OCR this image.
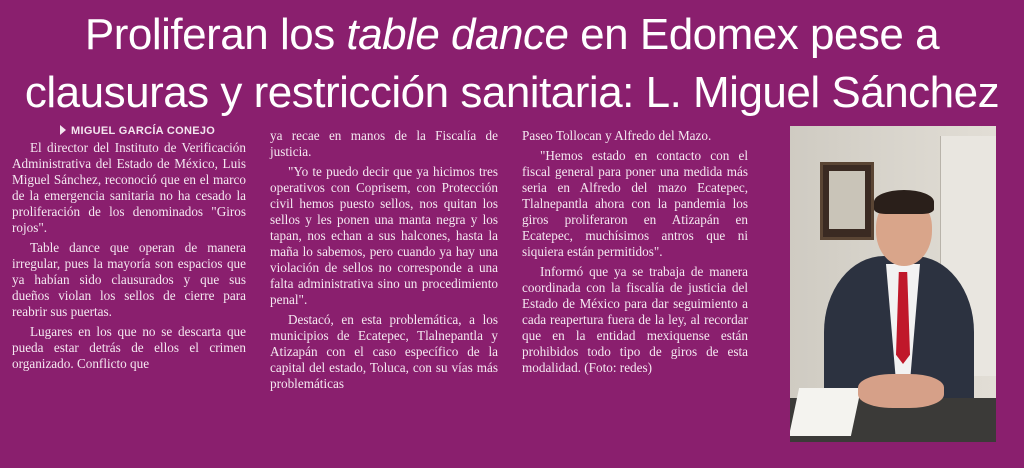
Proliferan los table dance en Edomex pese a
clausuras y restricción sanitaria: L. Miguel Sánchez
MIGUEL GARCÍA CONEJO

El director del Instituto de Verificación Administrativa del Estado de México, Luis Miguel Sánchez, reconoció que en el marco de la emergencia sanitaria no ha cesado la proliferación de los denominados "Giros rojos".

Table dance que operan de manera irregular, pues la mayoría son espacios que ya habían sido clausurados y que sus dueños violan los sellos de cierre para reabrir sus puertas.

Lugares en los que no se descarta que pueda estar detrás de ellos el crimen organizado. Conflicto que

ya recae en manos de la Fiscalía de justicia.

"Yo te puedo decir que ya hicimos tres operativos con Coprisem, con Protección civil hemos puesto sellos, nos quitan los sellos y les ponen una manta negra y los tapan, nos echan a sus halcones, hasta la maña lo sabemos, pero cuando ya hay una violación de sellos no corresponde a una falta administrativa sino un procedimiento penal".

Destacó, en esta problemática, a los municipios de Ecatepec, Tlalnepantla y Atizapán con el caso específico de la capital del estado, Toluca, con su vías más problemáticas

Paseo Tollocan y Alfredo del Mazo.

"Hemos estado en contacto con el fiscal general para poner una medida más seria en Alfredo del mazo Ecatepec, Tlalnepantla ahora con la pandemia los giros proliferaron en Atizapán en Ecatepec, muchísimos antros que ni siquiera están permitidos".

Informó que ya se trabaja de manera coordinada con la fiscalía de justicia del Estado de México para dar seguimiento a cada reapertura fuera de la ley, al recordar que en la entidad mexiquense están prohibidos todo tipo de giros de esta modalidad. (Foto: redes)
